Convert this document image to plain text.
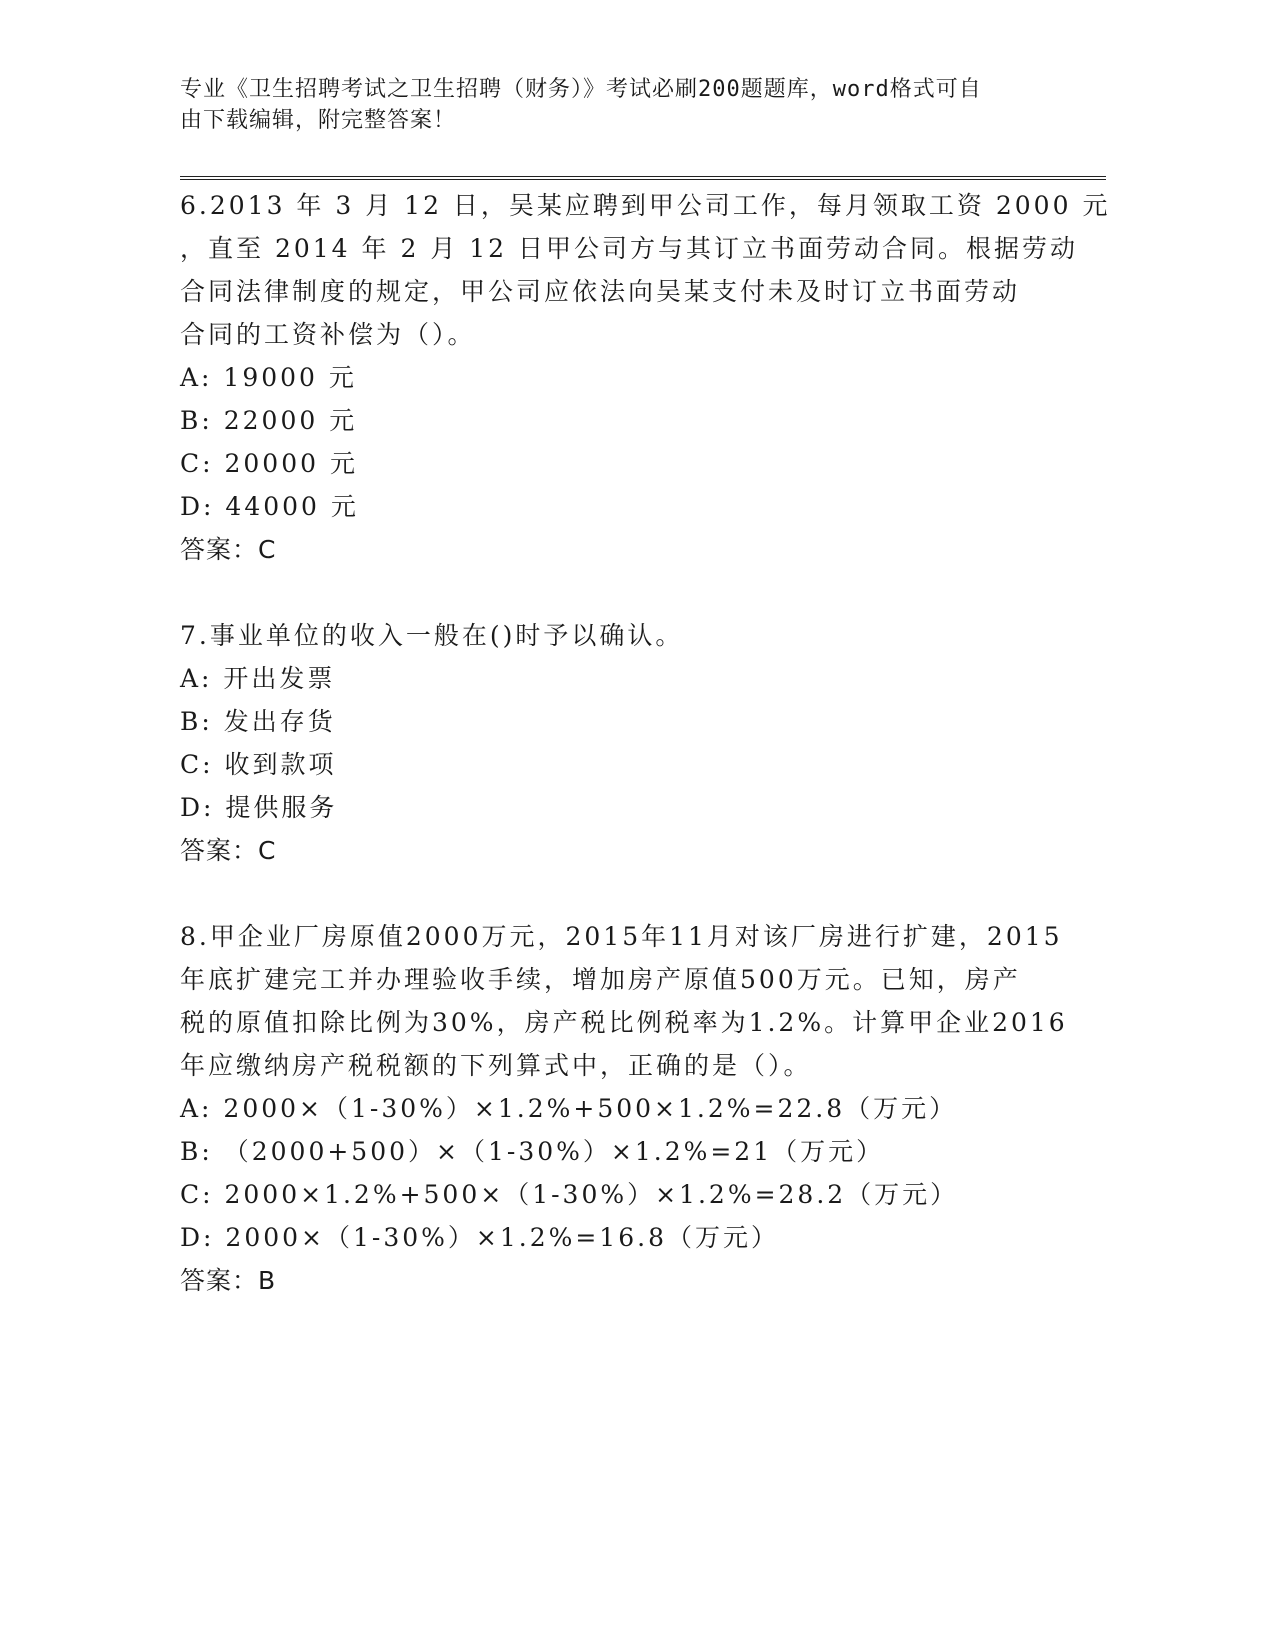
专业《卫生招聘考试之卫生招聘（财务）》考试必刷200题题库，word格式可自
由下载编辑，附完整答案！
6.2013 年 3 月 12 日，吴某应聘到甲公司工作，每月领取工资 2000 元
，直至 2014 年 2 月 12 日甲公司方与其订立书面劳动合同。根据劳动
合同法律制度的规定，甲公司应依法向吴某支付未及时订立书面劳动
合同的工资补偿为（）。
A: 19000 元
B: 22000 元
C: 20000 元
D: 44000 元
答案：C
7.事业单位的收入一般在()时予以确认。
A: 开出发票
B: 发出存货
C: 收到款项
D: 提供服务
答案：C
8.甲企业厂房原值2000万元，2015年11月对该厂房进行扩建，2015
年底扩建完工并办理验收手续，增加房产原值500万元。已知，房产
税的原值扣除比例为30%，房产税比例税率为1.2%。计算甲企业2016
年应缴纳房产税税额的下列算式中，正确的是（）。
A: 2000×（1-30%）×1.2%+500×1.2%=22.8（万元）
B: （2000+500）×（1-30%）×1.2%=21（万元）
C: 2000×1.2%+500×（1-30%）×1.2%=28.2（万元）
D: 2000×（1-30%）×1.2%=16.8（万元）
答案：B
